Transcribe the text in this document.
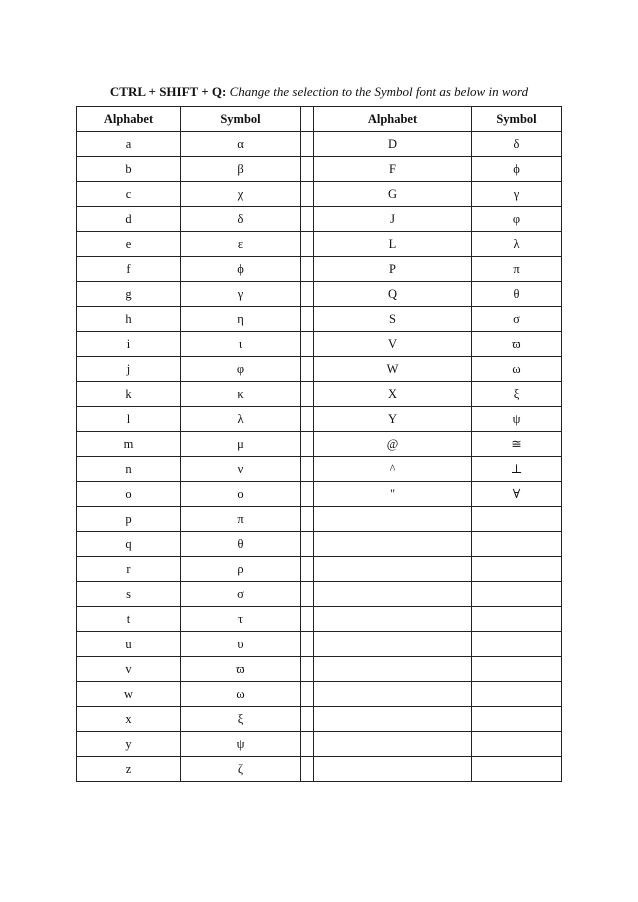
CTRL + SHIFT + Q: Change the selection to the Symbol font as below in word
Alphabet	Symbol		Alphabet	Symbol
a	α		D	δ
b	β		F	ϕ
c	χ		G	γ
d	δ		J	φ
e	ε		L	λ
f	ϕ		P	π
g	γ		Q	θ
h	η		S	σ
i	ι		V	ϖ
j	φ		W	ω
k	κ		X	ξ
l	λ		Y	ψ
m	μ		@	≅
n	ν		^	⊥
o	ο		"	∀
p	π			
q	θ			
r	ρ			
s	σ			
t	τ			
u	υ			
v	ϖ			
w	ω			
x	ξ			
y	ψ			
z	ζ			
